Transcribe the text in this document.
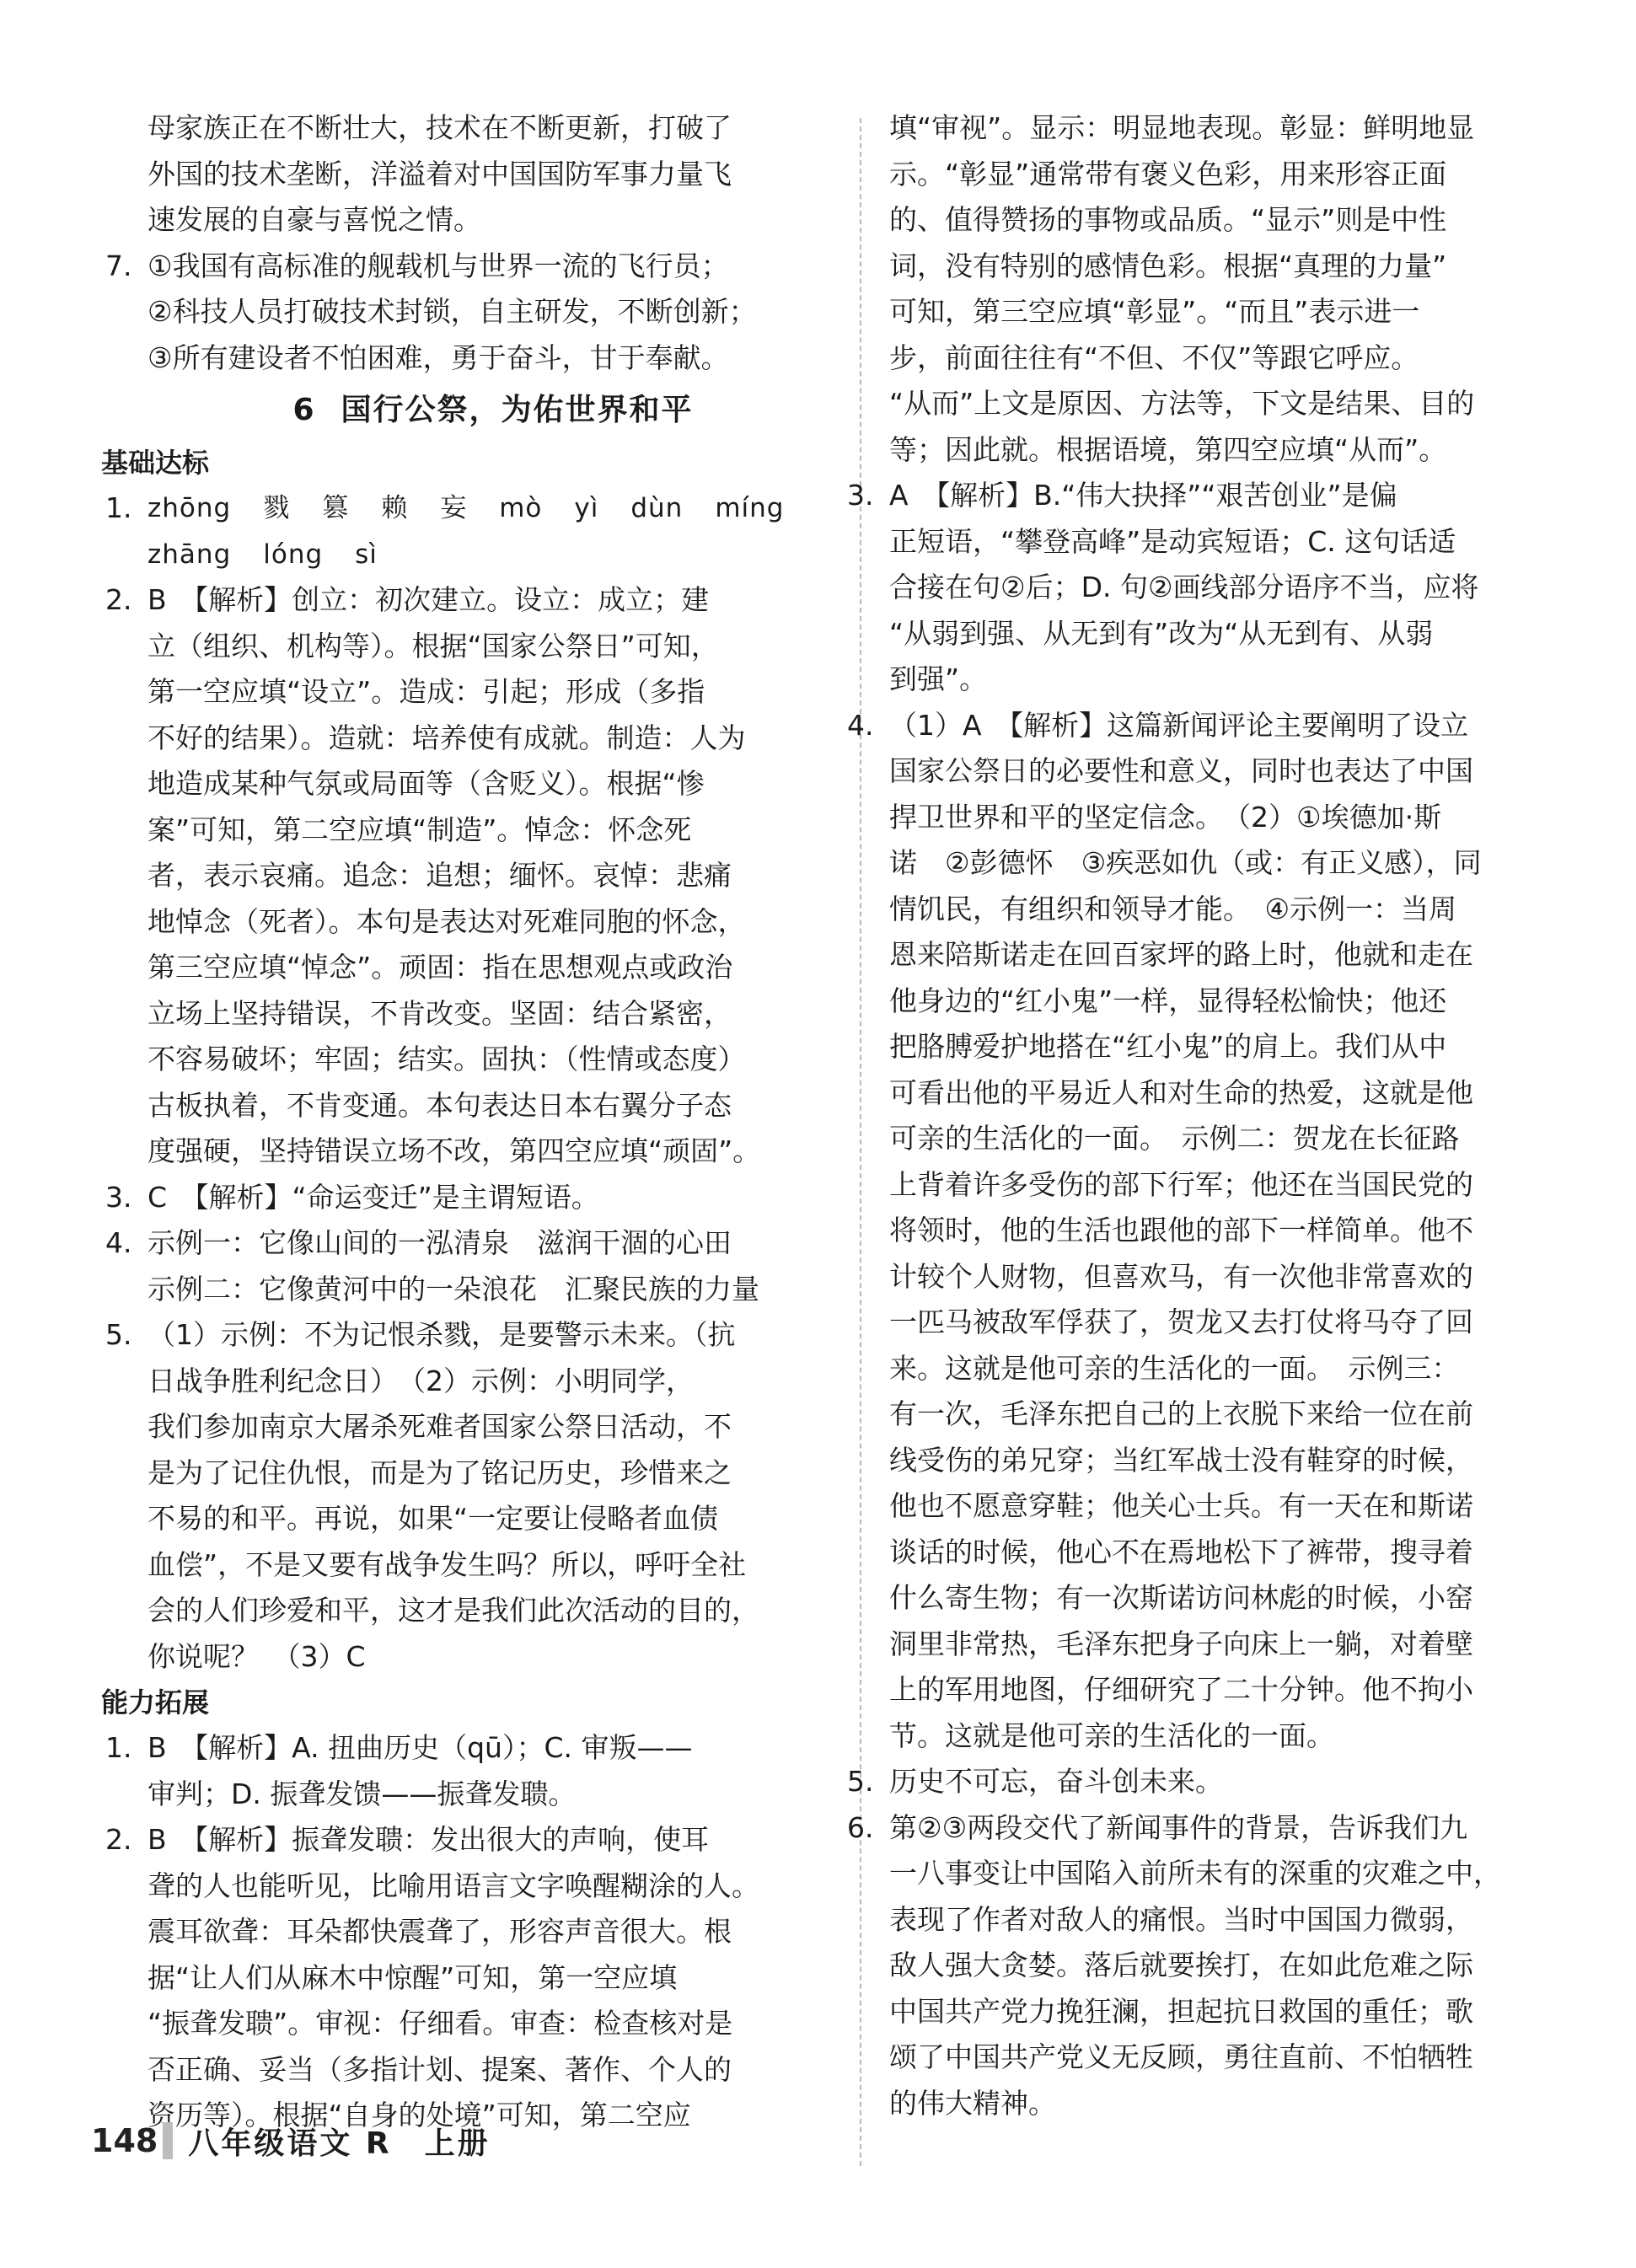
母家族正在不断壮大，技术在不断更新，打破了

外国的技术垄断，洋溢着对中国国防军事力量飞

速发展的自豪与喜悦之情。

7. ①我国有高标准的舰载机与世界一流的飞行员；

②科技人员打破技术封锁，自主研发，不断创新；

③所有建设者不怕困难，勇于奋斗，甘于奉献。

6 国行公祭，为佑世界和平

基础达标

1. zhōng 戮 篡 赖 妄 mò yì dùn míng

zhāng lóng sì

2. B　【解析】创立：初次建立。设立：成立；建

立（组织、机构等）。根据“国家公祭日”可知，

第一空应填“设立”。造成：引起；形成（多指

不好的结果）。造就：培养使有成就。制造：人为

地造成某种气氛或局面等（含贬义）。根据“惨

案”可知，第二空应填“制造”。悼念：怀念死

者，表示哀痛。追念：追想；缅怀。哀悼：悲痛

地悼念（死者）。本句是表达对死难同胞的怀念，

第三空应填“悼念”。顽固：指在思想观点或政治

立场上坚持错误，不肯改变。坚固：结合紧密，

不容易破坏；牢固；结实。固执：（性情或态度）

古板执着，不肯变通。本句表达日本右翼分子态

度强硬，坚持错误立场不改，第四空应填“顽固”。

3. C　【解析】“命运变迁”是主谓短语。

4. 示例一：它像山间的一泓清泉　滋润干涸的心田

示例二：它像黄河中的一朵浪花　汇聚民族的力量

5. （1）示例：不为记恨杀戮，是要警示未来。（抗

日战争胜利纪念日）　（2）示例：小明同学，

我们参加南京大屠杀死难者国家公祭日活动，不

是为了记住仇恨，而是为了铭记历史，珍惜来之

不易的和平。再说，如果“一定要让侵略者血债

血偿”，不是又要有战争发生吗？所以，呼吁全社

会的人们珍爱和平，这才是我们此次活动的目的，

你说呢？　（3）C

能力拓展

1. B　【解析】A. 扭曲历史（qū）；C. 审叛——

审判；D. 振聋发馈——振聋发聩。

2. B　【解析】振聋发聩：发出很大的声响，使耳

聋的人也能听见，比喻用语言文字唤醒糊涂的人。

震耳欲聋：耳朵都快震聋了，形容声音很大。根

据“让人们从麻木中惊醒”可知，第一空应填

“振聋发聩”。审视：仔细看。审查：检查核对是

否正确、妥当（多指计划、提案、著作、个人的

资历等）。根据“自身的处境”可知，第二空应

填“审视”。显示：明显地表现。彰显：鲜明地显

示。“彰显”通常带有褒义色彩，用来形容正面

的、值得赞扬的事物或品质。“显示”则是中性

词，没有特别的感情色彩。根据“真理的力量”

可知，第三空应填“彰显”。“而且”表示进一

步，前面往往有“不但、不仅”等跟它呼应。

“从而”上文是原因、方法等，下文是结果、目的

等；因此就。根据语境，第四空应填“从而”。

3. A　【解析】B.“伟大抉择”“艰苦创业”是偏

正短语，“攀登高峰”是动宾短语；C. 这句话适

合接在句②后；D. 句②画线部分语序不当，应将

“从弱到强、从无到有”改为“从无到有、从弱

到强”。

4. （1）A　【解析】这篇新闻评论主要阐明了设立

国家公祭日的必要性和意义，同时也表达了中国

捍卫世界和平的坚定信念。　（2）①埃德加·斯

诺　②彭德怀　③疾恶如仇（或：有正义感），同

情饥民，有组织和领导才能。　④示例一：当周

恩来陪斯诺走在回百家坪的路上时，他就和走在

他身边的“红小鬼”一样，显得轻松愉快；他还

把胳膊爱护地搭在“红小鬼”的肩上。我们从中

可看出他的平易近人和对生命的热爱，这就是他

可亲的生活化的一面。　示例二：贺龙在长征路

上背着许多受伤的部下行军；他还在当国民党的

将领时，他的生活也跟他的部下一样简单。他不

计较个人财物，但喜欢马，有一次他非常喜欢的

一匹马被敌军俘获了，贺龙又去打仗将马夺了回

来。这就是他可亲的生活化的一面。　示例三：

有一次，毛泽东把自己的上衣脱下来给一位在前

线受伤的弟兄穿；当红军战士没有鞋穿的时候，

他也不愿意穿鞋；他关心士兵。有一天在和斯诺

谈话的时候，他心不在焉地松下了裤带，搜寻着

什么寄生物；有一次斯诺访问林彪的时候，小窑

洞里非常热，毛泽东把身子向床上一躺，对着壁

上的军用地图，仔细研究了二十分钟。他不拘小

节。这就是他可亲的生活化的一面。

5. 历史不可忘，奋斗创未来。

6. 第②③两段交代了新闻事件的背景，告诉我们九

一八事变让中国陷入前所未有的深重的灾难之中，

表现了作者对敌人的痛恨。当时中国国力微弱，

敌人强大贪婪。落后就要挨打，在如此危难之际

中国共产党力挽狂澜，担起抗日救国的重任；歌

颂了中国共产党义无反顾，勇往直前、不怕牺牲

的伟大精神。

148	八年级语文 R　上册
